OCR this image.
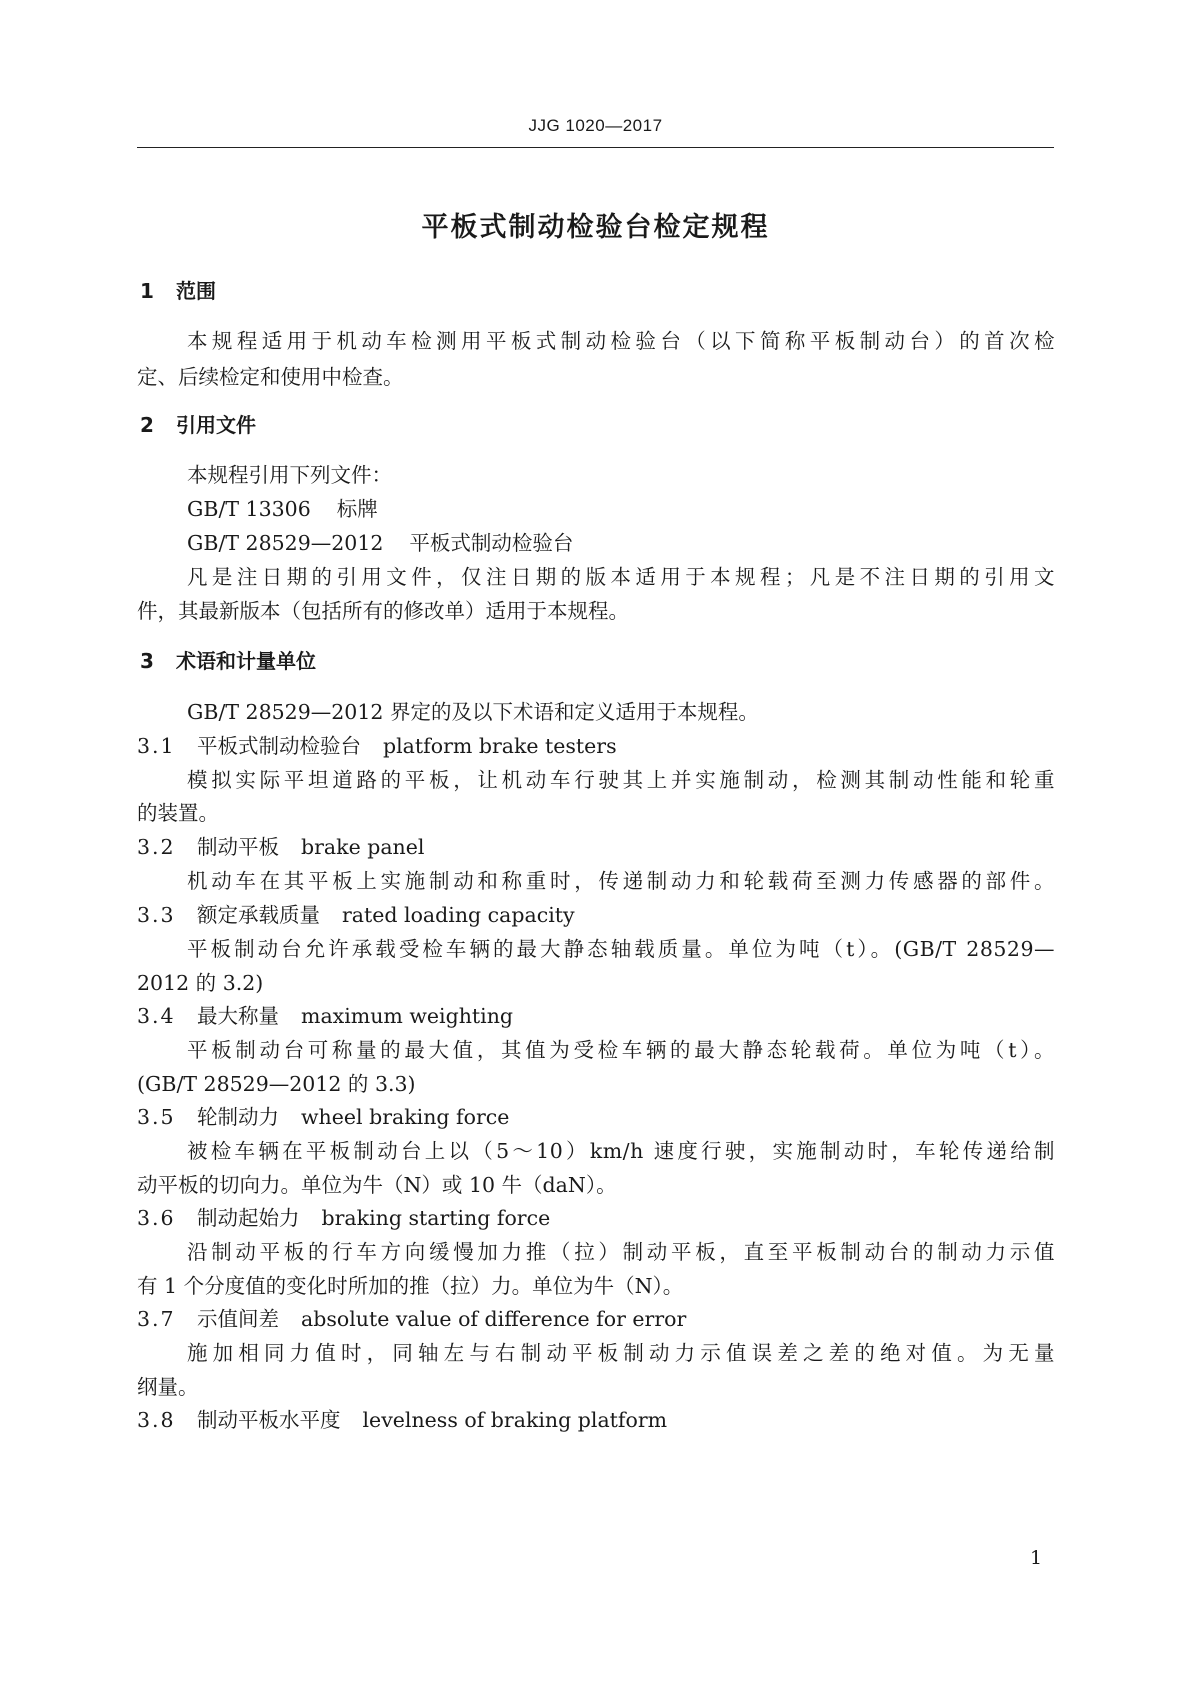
JJG 1020—2017
平板式制动检验台检定规程
1 范围
本规程适用于机动车检测用平板式制动检验台（以下简称平板制动台）的首次检
定、后续检定和使用中检查。
2 引用文件
本规程引用下列文件：
GB/T 13306 标牌
GB/T 28529—2012 平板式制动检验台
凡是注日期的引用文件，仅注日期的版本适用于本规程；凡是不注日期的引用文
件，其最新版本（包括所有的修改单）适用于本规程。
3 术语和计量单位
GB/T 28529—2012 界定的及以下术语和定义适用于本规程。
3.1 平板式制动检验台 platform brake testers
模拟实际平坦道路的平板，让机动车行驶其上并实施制动，检测其制动性能和轮重
的装置。
3.2 制动平板 brake panel
机动车在其平板上实施制动和称重时，传递制动力和轮载荷至测力传感器的部件。
3.3 额定承载质量 rated loading capacity
平板制动台允许承载受检车辆的最大静态轴载质量。单位为吨（t）。(GB/T 28529—
2012 的 3.2)
3.4 最大称量 maximum weighting
平板制动台可称量的最大值，其值为受检车辆的最大静态轮载荷。单位为吨（t）。
(GB/T 28529—2012 的 3.3)
3.5 轮制动力 wheel braking force
被检车辆在平板制动台上以（5～10）km/h 速度行驶，实施制动时，车轮传递给制
动平板的切向力。单位为牛（N）或 10 牛（daN）。
3.6 制动起始力 braking starting force
沿制动平板的行车方向缓慢加力推（拉）制动平板，直至平板制动台的制动力示值
有 1 个分度值的变化时所加的推（拉）力。单位为牛（N）。
3.7 示值间差 absolute value of difference for error
施加相同力值时，同轴左与右制动平板制动力示值误差之差的绝对值。为无量
纲量。
3.8 制动平板水平度 levelness of braking platform
1
